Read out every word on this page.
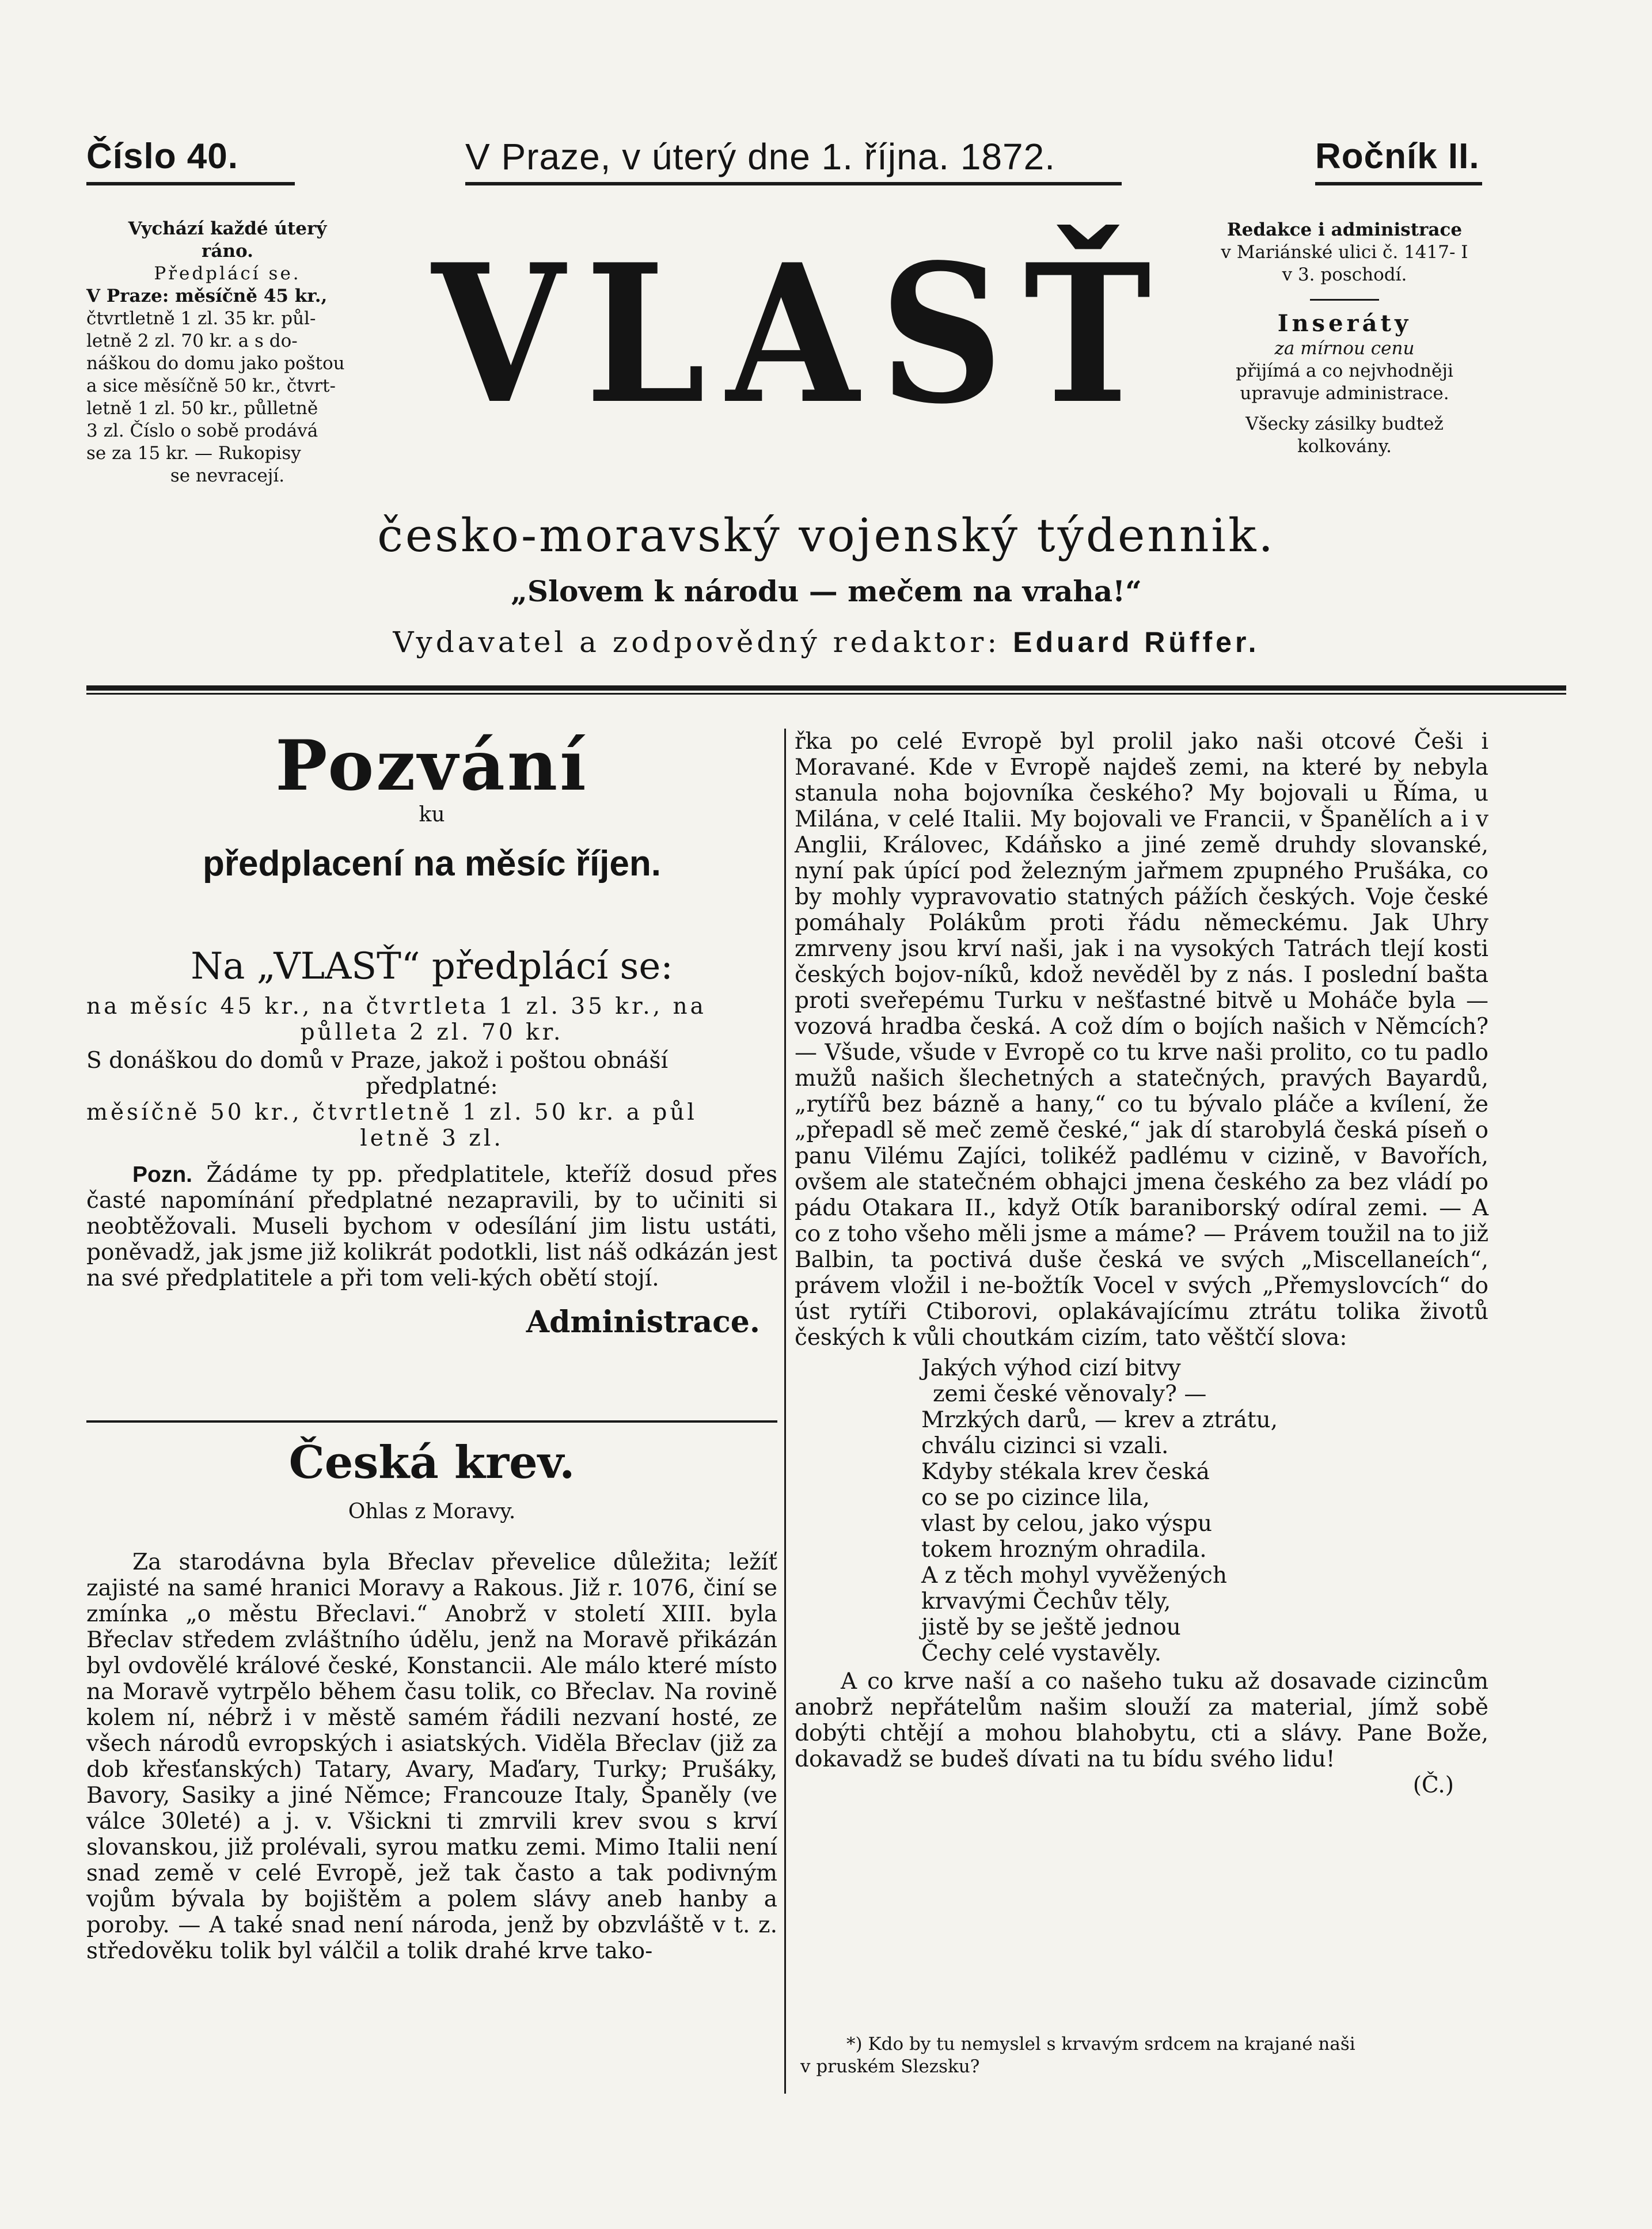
Číslo 40.	V Praze, v úterý dne 1. října. 1872.	Ročník II.
Vychází každé úterý
ráno.
Předplácí se.
V Praze: měsíčně 45 kr.,
čtvrtletně 1 zl. 35 kr. půl-
letně 2 zl. 70 kr. a s do-
náškou do domu jako poštou
a sice měsíčně 50 kr., čtvrt-
letně 1 zl. 50 kr., půlletně
3 zl. Číslo o sobě prodává
se za 15 kr. — Rukopisy
se nevracejí.
VLASŤ	Redakce i administrace
v Mariánské ulici č. 1417- I
v 3. poschodí.
Inseráty
za mírnou cenu
přijímá a co nejvhodněji
upravuje administrace.
Všecky zásilky budtež
kolkovány.
česko-moravský vojenský týdennik.
„Slovem k národu — mečem na vraha!“
Vydavatel a zodpovědný redaktor: Eduard Rüffer.
Pozvání
ku
předplacení na měsíc říjen.
Na „VLASŤ“ předplácí se:
na měsíc 45 kr., na čtvrtleta 1 zl. 35 kr., na
půlleta 2 zl. 70 kr.
S donáškou do domů v Praze, jakož i poštou obnáší
předplatné:
měsíčně 50 kr., čtvrtletně 1 zl. 50 kr. a půl
letně 3 zl.

Pozn. Žádáme ty pp. předplatitele, kteříž dosud přes časté napomínání předplatné nezapravili, by to učiniti si neobtěžovali. Museli bychom v odesílání jim listu ustáti, poněvadž, jak jsme již kolikrát podotkli, list náš odkázán jest na své předplatitele a při tom veli-kých obětí stojí.

Administrace.
Česká krev.
Ohlas z Moravy.

Za starodávna byla Břeclav převelice důležita; ležíť zajisté na samé hranici Moravy a Rakous. Již r. 1076, činí se zmínka „o městu Břeclavi.“ Anobrž v století XIII. byla Břeclav středem zvláštního údělu, jenž na Moravě přikázán byl ovdovělé králové české, Konstancii. Ale málo které místo na Moravě vytrpělo během času tolik, co Břeclav. Na rovině kolem ní, nébrž i v městě samém řádili nezvaní hosté, ze všech národů evropských i asiatských. Viděla Břeclav (již za dob křesťanských) Tatary, Avary, Maďary, Turky; Prušáky, Bavory, Sasiky a jiné Němce; Francouze Italy, Španěly (ve válce 30leté) a j. v. Všickni ti zmrvili krev svou s krví slovanskou, již prolévali, syrou matku zemi. Mimo Italii není snad země v celé Evropě, jež tak často a tak podivným vojům bývala by bojištěm a polem slávy aneb hanby a poroby. — A také snad není národa, jenž by obzvláště v t. z. středověku tolik byl válčil a tolik drahé krve tako-

řka po celé Evropě byl prolil jako naši otcové Češi i Moravané. Kde v Evropě najdeš zemi, na které by nebyla stanula noha bojovníka českého? My bojovali u Říma, u Milána, v celé Italii. My bojovali ve Francii, v Španělích a i v Anglii, Královec, Kdáňsko a jiné země druhdy slovanské, nyní pak úpící pod železným jařmem zpupného Prušáka, co by mohly vypravovatio statných pážích českých. Voje české pomáhaly Polákům proti řádu německému. Jak Uhry zmrveny jsou krví naši, jak i na vysokých Tatrách tlejí kosti českých bojov-níků, kdož nevěděl by z nás. I poslední bašta proti sveřepému Turku v nešťastné bitvě u Moháče byla — vozová hradba česká. A což dím o bojích našich v Němcích? — Všude, všude v Evropě co tu krve naši prolito, co tu padlo mužů našich šlechetných a statečných, pravých Bayardů, „rytířů bez bázně a hany,“ co tu bývalo pláče a kvílení, že „přepadl sě meč země české,“ jak dí starobylá česká píseň o panu Vilému Zajíci, tolikéž padlému v cizině, v Bavořích, ovšem ale statečném obhajci jmena českého za bez vládí po pádu Otakara II., když Otík baraniborský odíral zemi. — A co z toho všeho měli jsme a máme? — Právem toužil na to již Balbin, ta poctivá duše česká ve svých „Miscellaneích“, právem vložil i ne-božtík Vocel v svých „Přemyslovcích“ do úst rytíři Ctiborovi, oplakávajícímu ztrátu tolika životů českých k vůli choutkám cizím, tato věštčí slova:

Jakých výhod cizí bitvy
zemi české věnovaly? —
Mrzkých darů, — krev a ztrátu,
chválu cizinci si vzali.
Kdyby stékala krev česká
co se po cizince lila,
vlast by celou, jako výspu
tokem hrozným ohradila.
A z těch mohyl vyvěžených
krvavými Čechův těly,
jistě by se ještě jednou
Čechy celé vystavěly.

A co krve naší a co našeho tuku až dosavade cizincům anobrž nepřátelům našim slouží za material, jímž sobě dobýti chtějí a mohou blahobytu, cti a slávy. Pane Bože, dokavadž se budeš dívati na tu bídu svého lidu!

(Č.)
*) Kdo by tu nemyslel s krvavým srdcem na krajané naši
v pruském Slezsku?
